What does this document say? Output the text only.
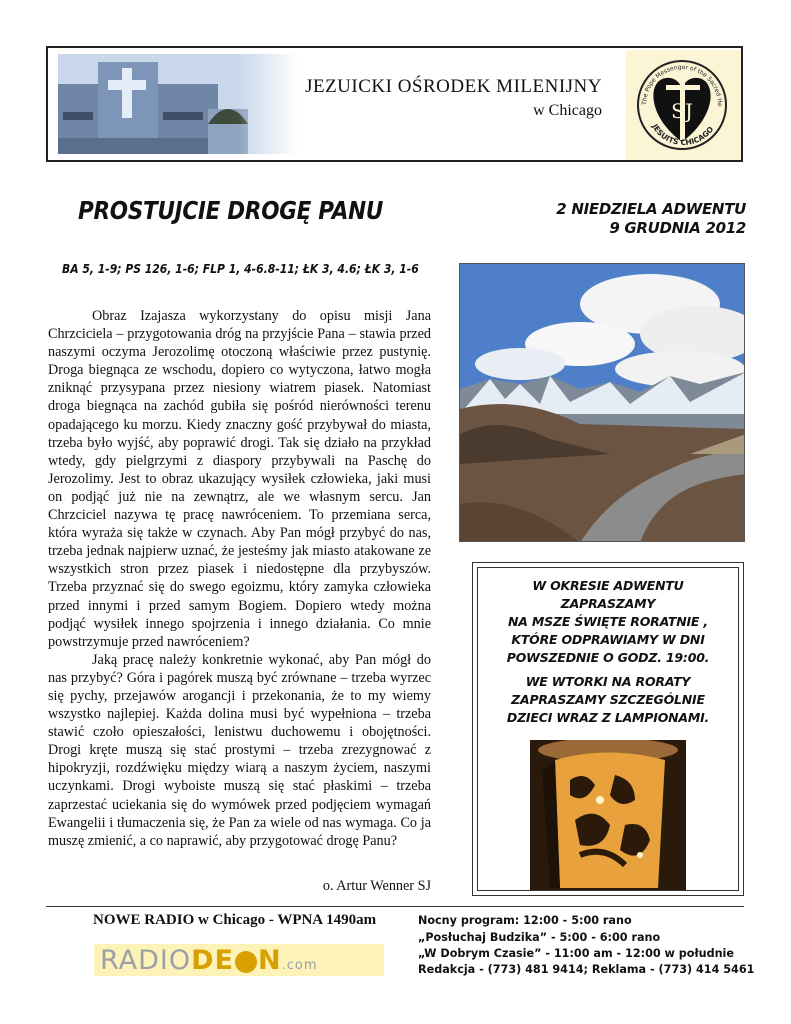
JEZUICKI OŚRODEK MILENIJNY
w Chicago	SJ
The Pope Messenger of the Sacred He
JESUITS CHICAGO
PROSTUJCIE DROGĘ PANU	2 NIEDZIELA ADWENTU
9 GRUDNIA 2012
BA 5, 1-9; PS 126, 1-6; FLP 1, 4-6.8-11; ŁK 3, 4.6; ŁK 3, 1-6

Obraz Izajasza wykorzystany do opisu misji Jana Chrzciciela – przygotowania dróg na przyjście Pana – stawia przed naszymi oczyma Jerozolimę otoczoną właściwie przez pustynię. Droga biegnąca ze wschodu, dopiero co wytyczona, łatwo mogła zniknąć przysypana przez niesiony wiatrem piasek. Natomiast droga biegnąca na zachód gubiła się pośród nierówności terenu opadającego ku morzu. Kiedy znaczny gość przybywał do miasta, trzeba było wyjść, aby poprawić drogi. Tak się działo na przykład wtedy, gdy pielgrzymi z diaspory przybywali na Paschę do Jerozolimy. Jest to obraz ukazujący wysiłek człowieka, jaki musi on podjąć już nie na zewnątrz, ale we własnym sercu. Jan Chrzciciel nazywa tę pracę nawróceniem. To przemiana serca, która wyraża się także w czynach. Aby Pan mógł przybyć do nas, trzeba jednak najpierw uznać, że jesteśmy jak miasto atakowane ze wszystkich stron przez piasek i niedostępne dla przybyszów. Trzeba przyznać się do swego egoizmu, który zamyka człowieka przed innymi i przed samym Bogiem. Dopiero wtedy można podjąć wysiłek innego spojrzenia i innego działania. Co mnie powstrzymuje przed nawróceniem?

Jaką pracę należy konkretnie wykonać, aby Pan mógł do nas przybyć? Góra i pagórek muszą być zrównane – trzeba wyrzec się pychy, przejawów arogancji i przekonania, że to my wiemy wszystko najlepiej. Każda dolina musi być wypełniona – trzeba stawić czoło opieszałości, lenistwu duchowemu i obojętności. Drogi kręte muszą się stać prostymi – trzeba zrezygnować z hipokryzji, rozdźwięku między wiarą a naszym życiem, naszymi uczynkami. Drogi wyboiste muszą się stać płaskimi – trzeba zaprzestać uciekania się do wymówek przed podjęciem wymagań Ewangelii i tłumaczenia się, że Pan za wiele od nas wymaga. Co ja muszę zmienić, a co naprawić, aby przygotować drogę Panu?

o. Artur Wenner SJ
W OKRESIE ADWENTU
ZAPRASZAMY
NA MSZE ŚWIĘTE RORATNIE ,
KTÓRE ODPRAWIAMY W DNI
POWSZEDNIE O GODZ. 19:00.
WE WTORKI NA RORATY
ZAPRASZAMY SZCZEGÓLNIE
DZIECI WRAZ Z LAMPIONAMI.
NOWE RADIO w Chicago - WPNA 1490am
RADIODE N.com
Nocny program: 12:00 - 5:00 rano
„Posłuchaj Budzika” - 5:00 - 6:00 rano
„W Dobrym Czasie” - 11:00 am - 12:00 w południe
Redakcja - (773) 481 9414; Reklama - (773) 414 5461
